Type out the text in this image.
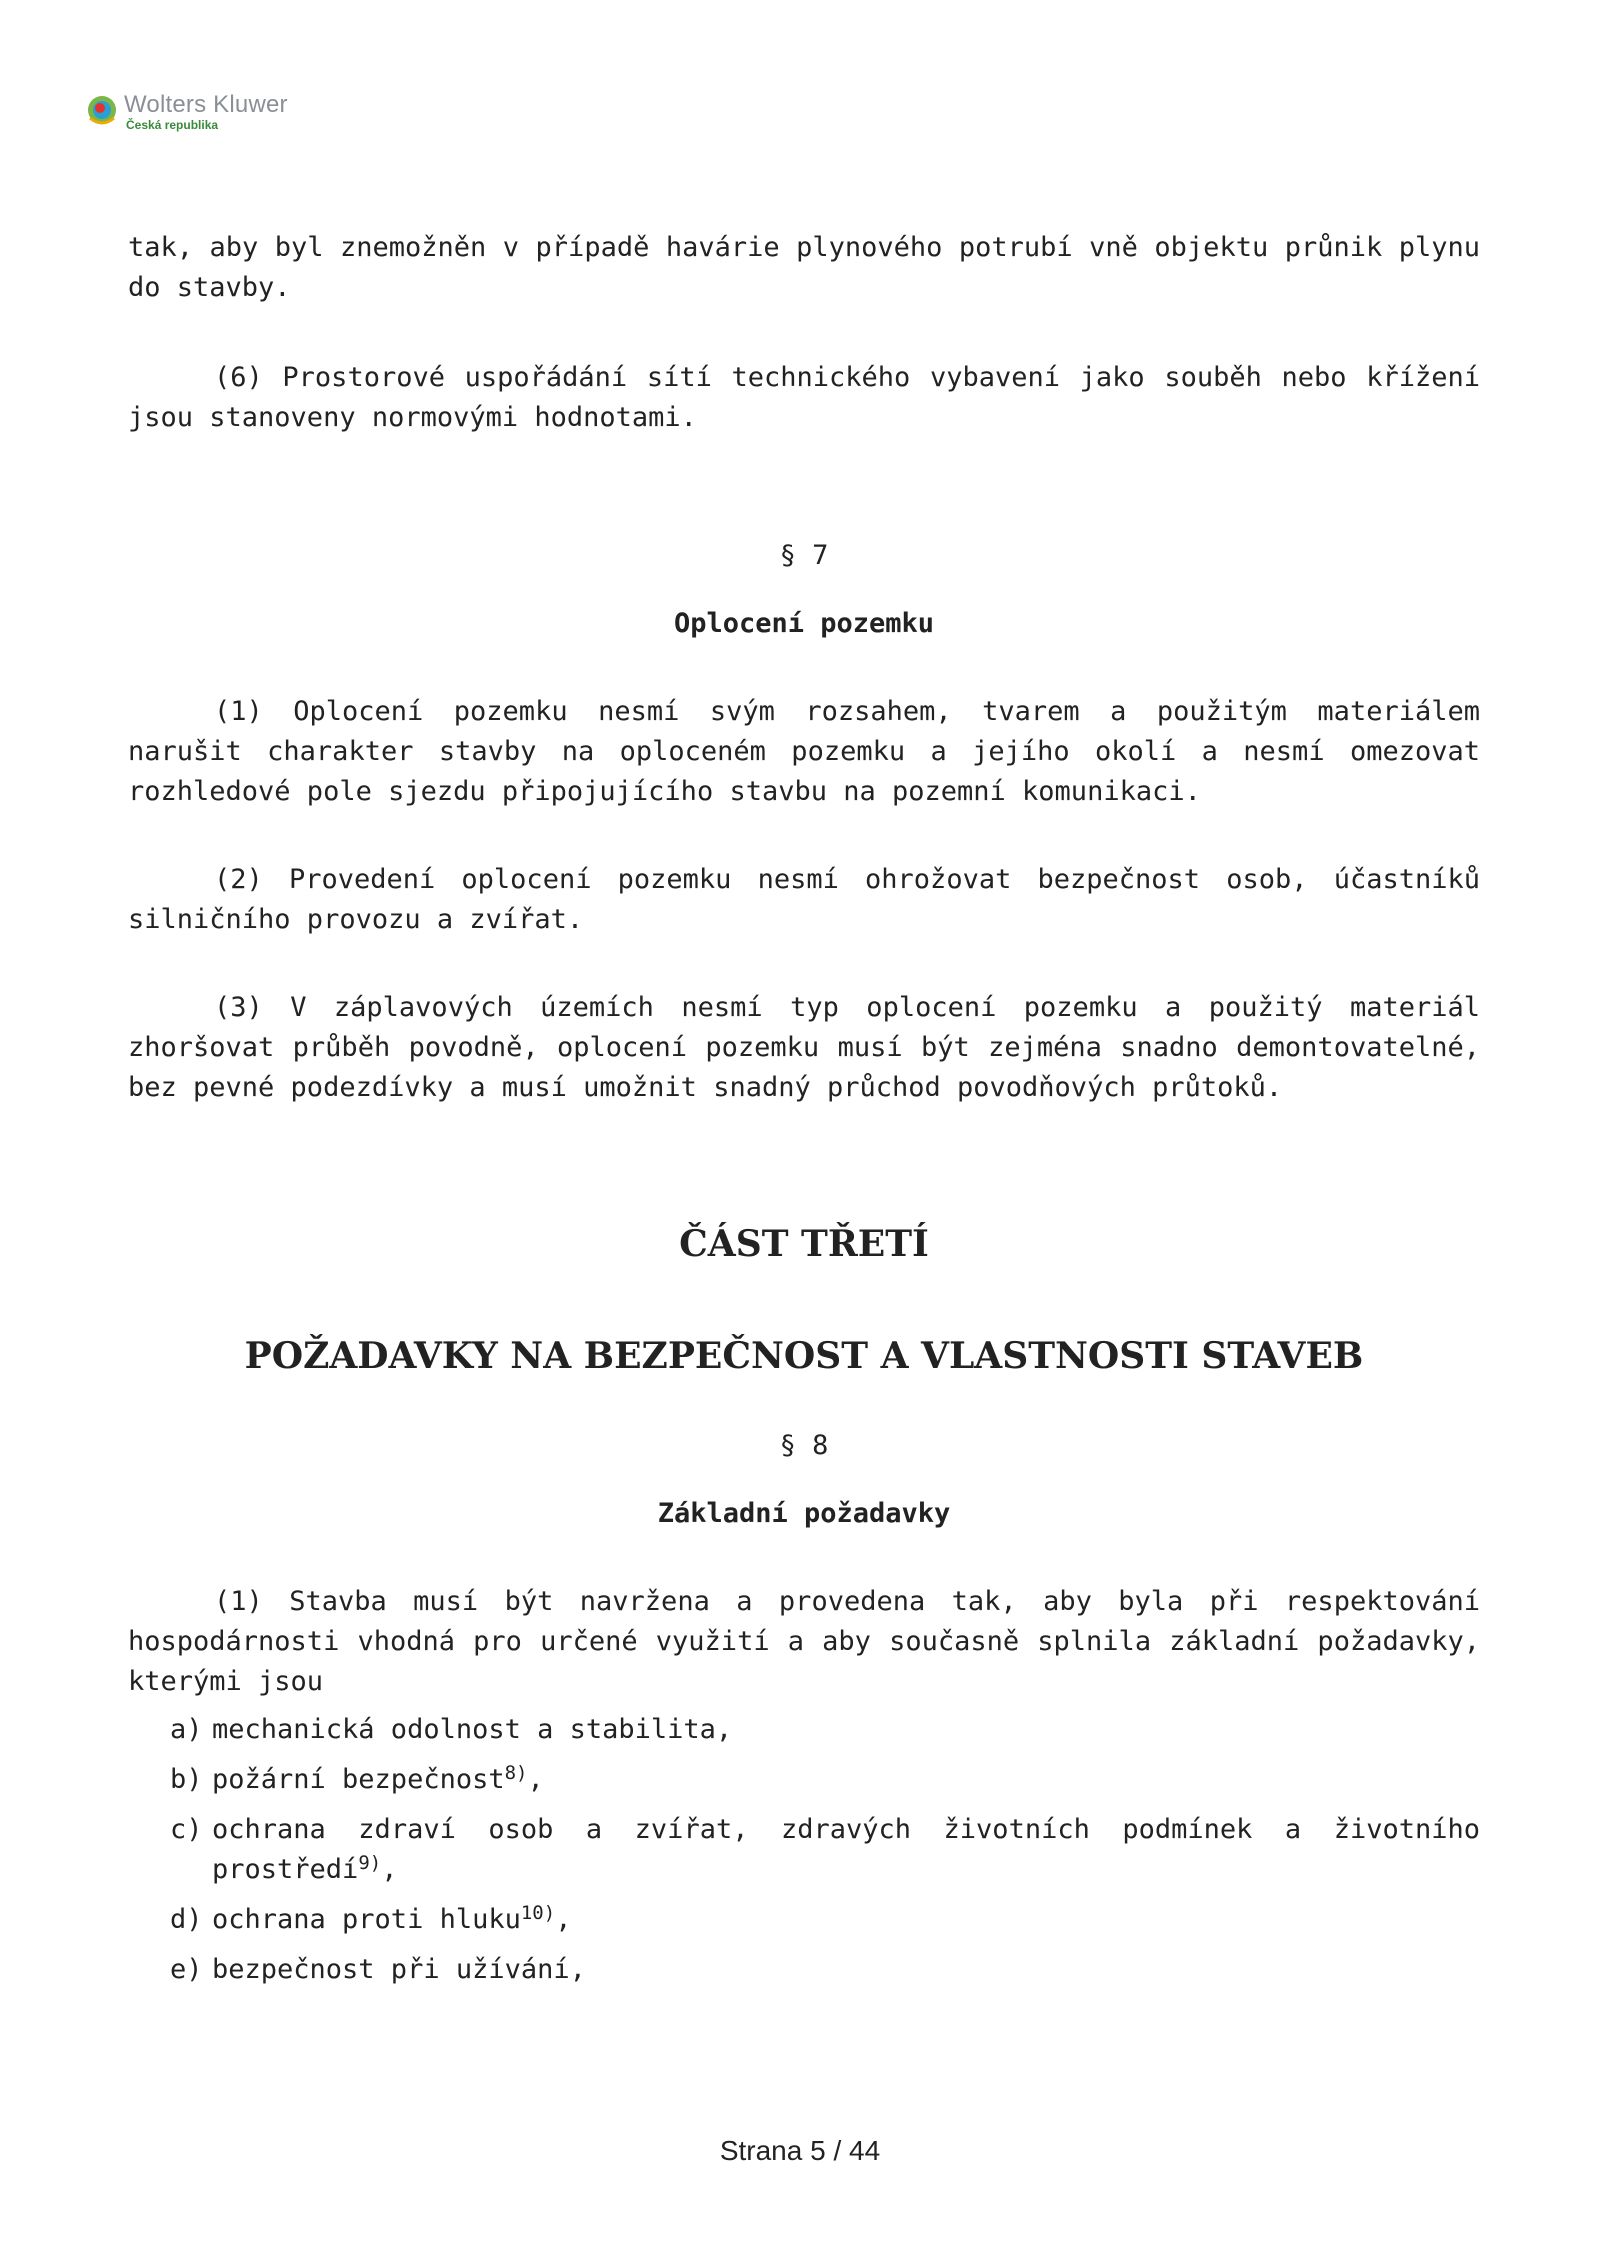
Wolters Kluwer
Česká republika

tak, aby byl znemožněn v případě havárie plynového potrubí vně objektu průnik plynu do stavby.

(6) Prostorové uspořádání sítí technického vybavení jako souběh nebo křížení jsou stanoveny normovými hodnotami.

§ 7

Oplocení pozemku

(1) Oplocení pozemku nesmí svým rozsahem, tvarem a použitým materiálem narušit charakter stavby na oploceném pozemku a jejího okolí a nesmí omezovat rozhledové pole sjezdu připojujícího stavbu na pozemní komunikaci.

(2) Provedení oplocení pozemku nesmí ohrožovat bezpečnost osob, účastníků silničního provozu a zvířat.

(3) V záplavových územích nesmí typ oplocení pozemku a použitý materiál zhoršovat průběh povodně, oplocení pozemku musí být zejména snadno demontovatelné, bez pevné podezdívky a musí umožnit snadný průchod povodňových průtoků.

ČÁST TŘETÍ

POŽADAVKY NA BEZPEČNOST A VLASTNOSTI STAVEB

§ 8

Základní požadavky

(1) Stavba musí být navržena a provedena tak, aby byla při respektování hospodárnosti vhodná pro určené využití a aby současně splnila základní požadavky, kterými jsou

a) mechanická odolnost a stabilita,

b) požární bezpečnost$^{8)}$,

c) ochrana zdraví osob a zvířat, zdravých životních podmínek a životního prostředí$^{9)}$,

d) ochrana proti hluku$^{10)}$,

e) bezpečnost při užívání,

Strana 5 / 44
